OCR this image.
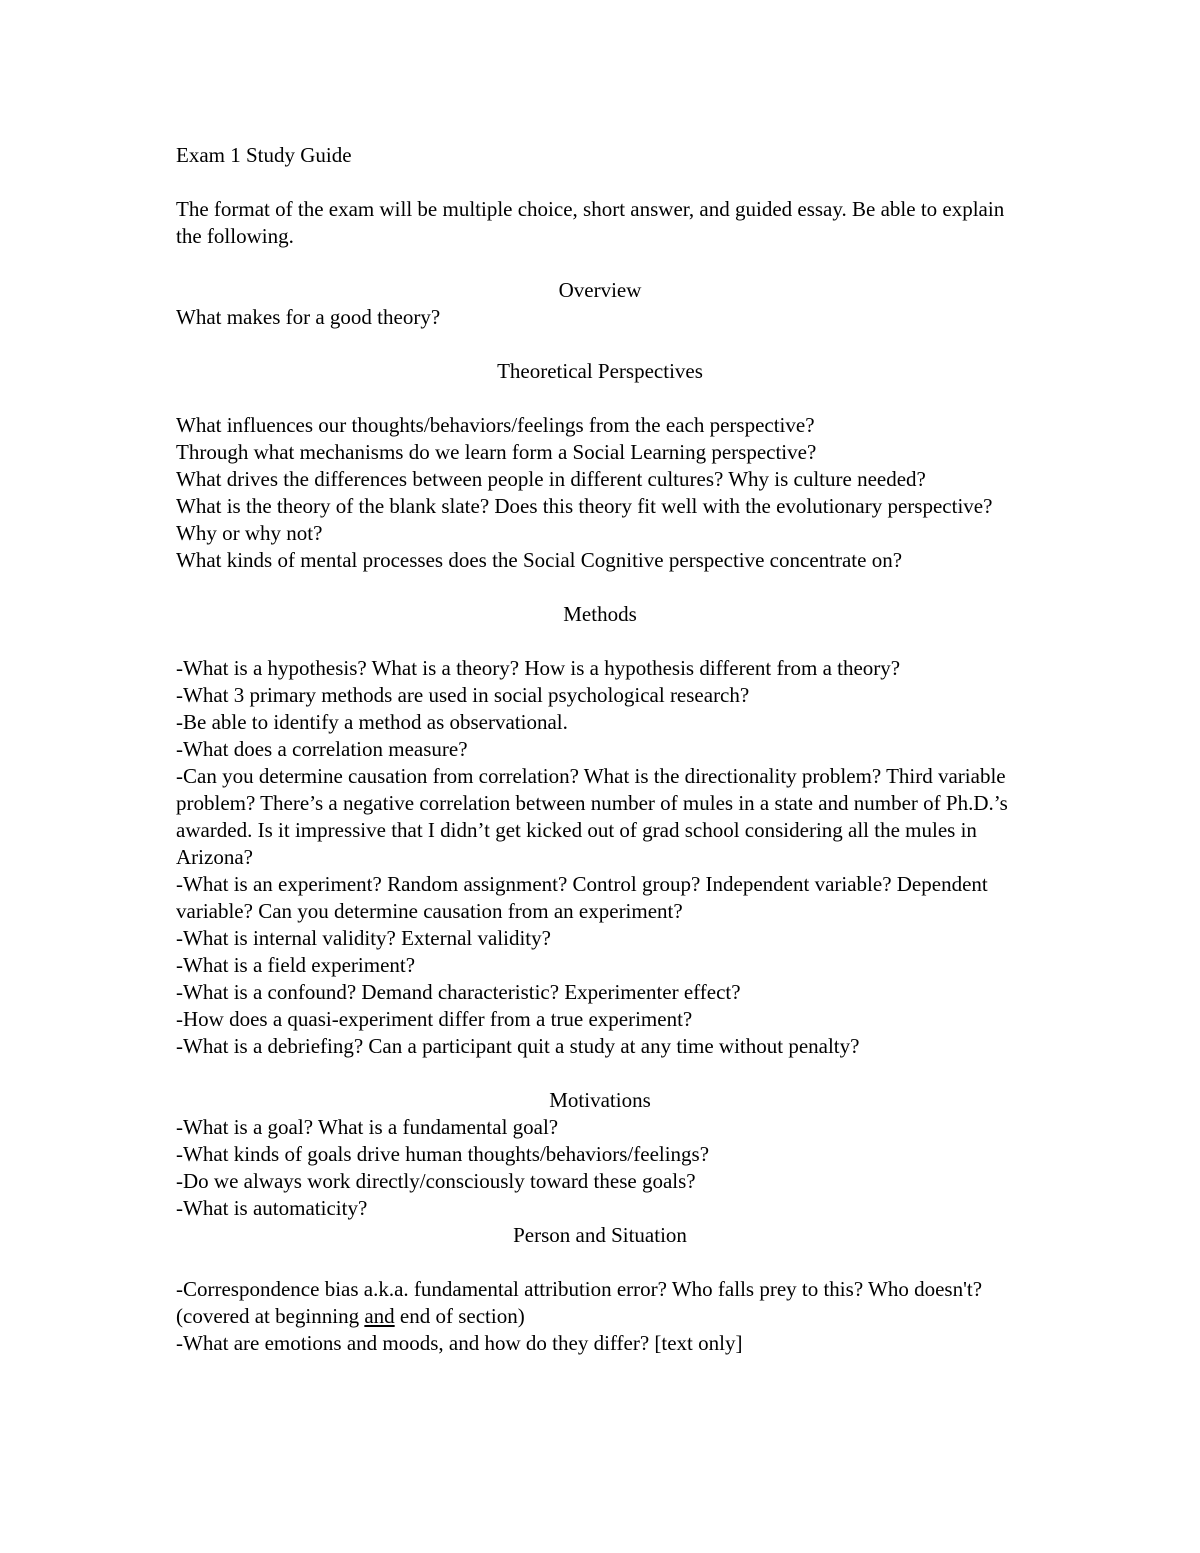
Exam 1 Study Guide

The format of the exam will be multiple choice, short answer, and guided essay. Be able to explain the following.

Overview

What makes for a good theory?

Theoretical Perspectives

What influences our thoughts/behaviors/feelings from the each perspective?

Through what mechanisms do we learn form a Social Learning perspective?

What drives the differences between people in different cultures? Why is culture needed?

What is the theory of the blank slate? Does this theory fit well with the evolutionary perspective? Why or why not?

What kinds of mental processes does the Social Cognitive perspective concentrate on?

Methods

-What is a hypothesis? What is a theory? How is a hypothesis different from a theory?

-What 3 primary methods are used in social psychological research?

-Be able to identify a method as observational.

-What does a correlation measure?

-Can you determine causation from correlation? What is the directionality problem? Third variable problem? There’s a negative correlation between number of mules in a state and number of Ph.D.’s awarded. Is it impressive that I didn’t get kicked out of grad school considering all the mules in Arizona?

-What is an experiment? Random assignment? Control group? Independent variable? Dependent variable? Can you determine causation from an experiment?

-What is internal validity? External validity?

-What is a field experiment?

-What is a confound? Demand characteristic? Experimenter effect?

-How does a quasi-experiment differ from a true experiment?

-What is a debriefing? Can a participant quit a study at any time without penalty?

Motivations

-What is a goal? What is a fundamental goal?

-What kinds of goals drive human thoughts/behaviors/feelings?

-Do we always work directly/consciously toward these goals?

-What is automaticity?

Person and Situation

-Correspondence bias a.k.a. fundamental attribution error? Who falls prey to this? Who doesn't? (covered at beginning and end of section)

-What are emotions and moods, and how do they differ? [text only]
